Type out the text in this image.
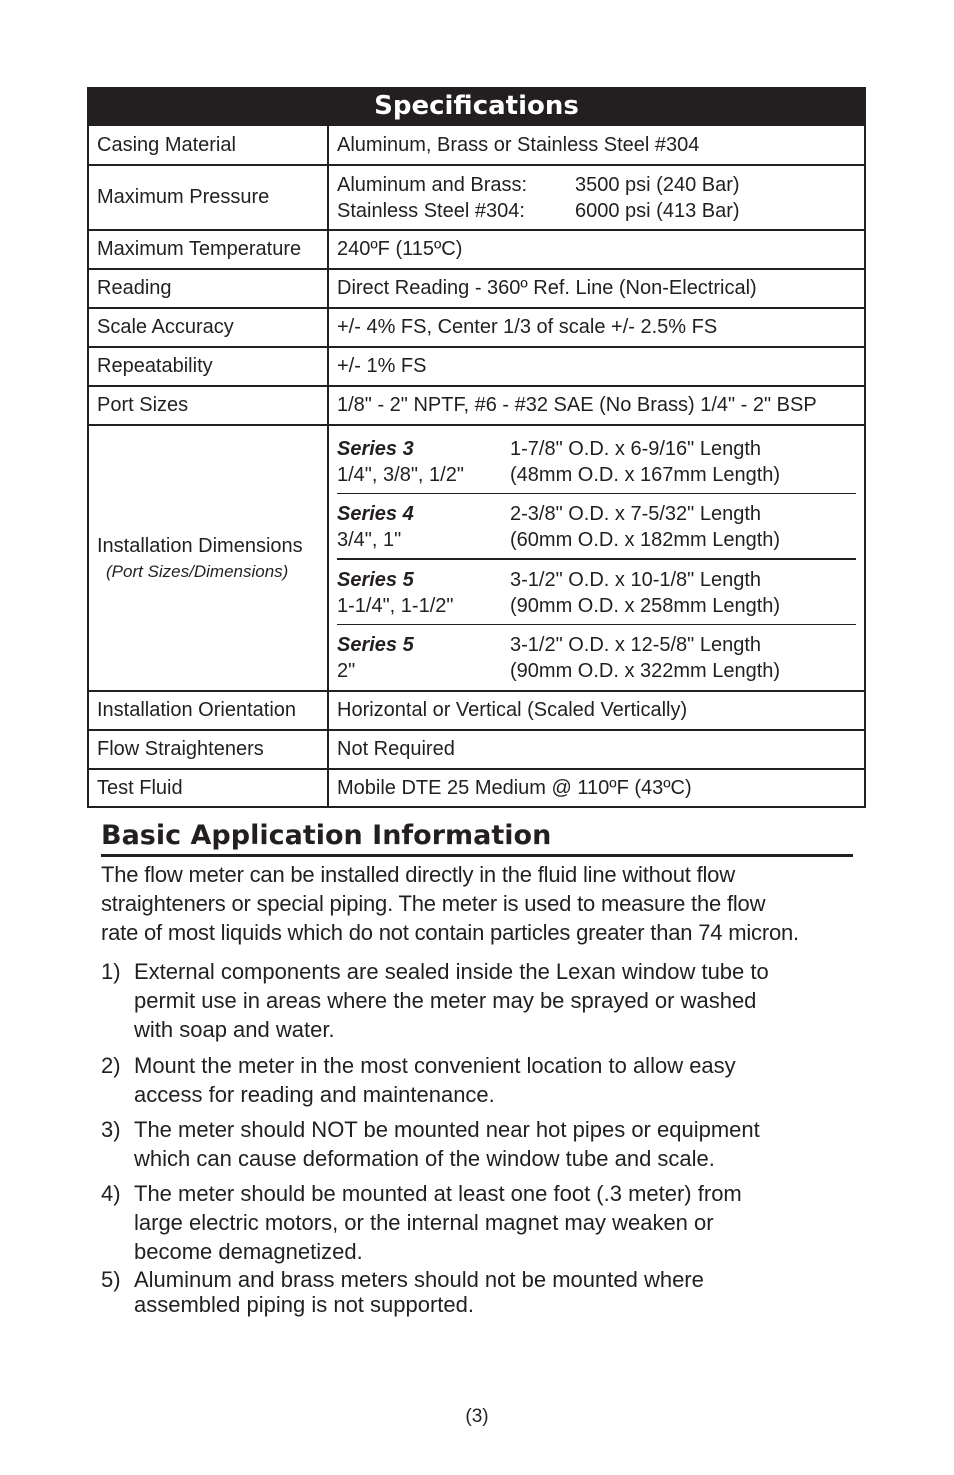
Specifications
Casing Material	Aluminum, Brass or Stainless Steel #304
Maximum Pressure
Aluminum and Brass:	3500 psi (240 Bar)
Stainless Steel #304:	6000 psi (413 Bar)
Maximum Temperature	240ºF (115ºC)
Reading	Direct Reading - 360º Ref. Line (Non-Electrical)
Scale Accuracy	+/- 4% FS, Center 1/3 of scale +/- 2.5% FS
Repeatability	+/- 1% FS
Port Sizes	1/8" - 2" NPTF, #6 - #32 SAE (No Brass) 1/4" - 2" BSP
Installation Dimensions
(Port Sizes/Dimensions)
Series 3	1-7/8" O.D. x 6-9/16" Length
1/4", 3/8", 1/2"	(48mm O.D. x 167mm Length)
Series 4	2-3/8" O.D. x 7-5/32" Length
3/4", 1"	(60mm O.D. x 182mm Length)
Series 5	3-1/2" O.D. x 10-1/8" Length
1-1/4", 1-1/2"	(90mm O.D. x 258mm Length)
Series 5	3-1/2" O.D. x 12-5/8" Length
2"	(90mm O.D. x 322mm Length)
Installation Orientation	Horizontal or Vertical (Scaled Vertically)
Flow Straighteners	Not Required
Test Fluid	Mobile DTE 25 Medium @ 110ºF (43ºC)
Basic Application Information
The flow meter can be installed directly in the fluid line without flow
straighteners or special piping. The meter is used to measure the flow
rate of most liquids which do not contain particles greater than 74 micron.
1) External components are sealed inside the Lexan window tube to
permit use in areas where the meter may be sprayed or washed
with soap and water.
2) Mount the meter in the most convenient location to allow easy
access for reading and maintenance.
3) The meter should NOT be mounted near hot pipes or equipment
which can cause deformation of the window tube and scale.
4) The meter should be mounted at least one foot (.3 meter) from
large electric motors, or the internal magnet may weaken or
become demagnetized.
5) Aluminum and brass meters should not be mounted where
assembled piping is not supported.
(3)
